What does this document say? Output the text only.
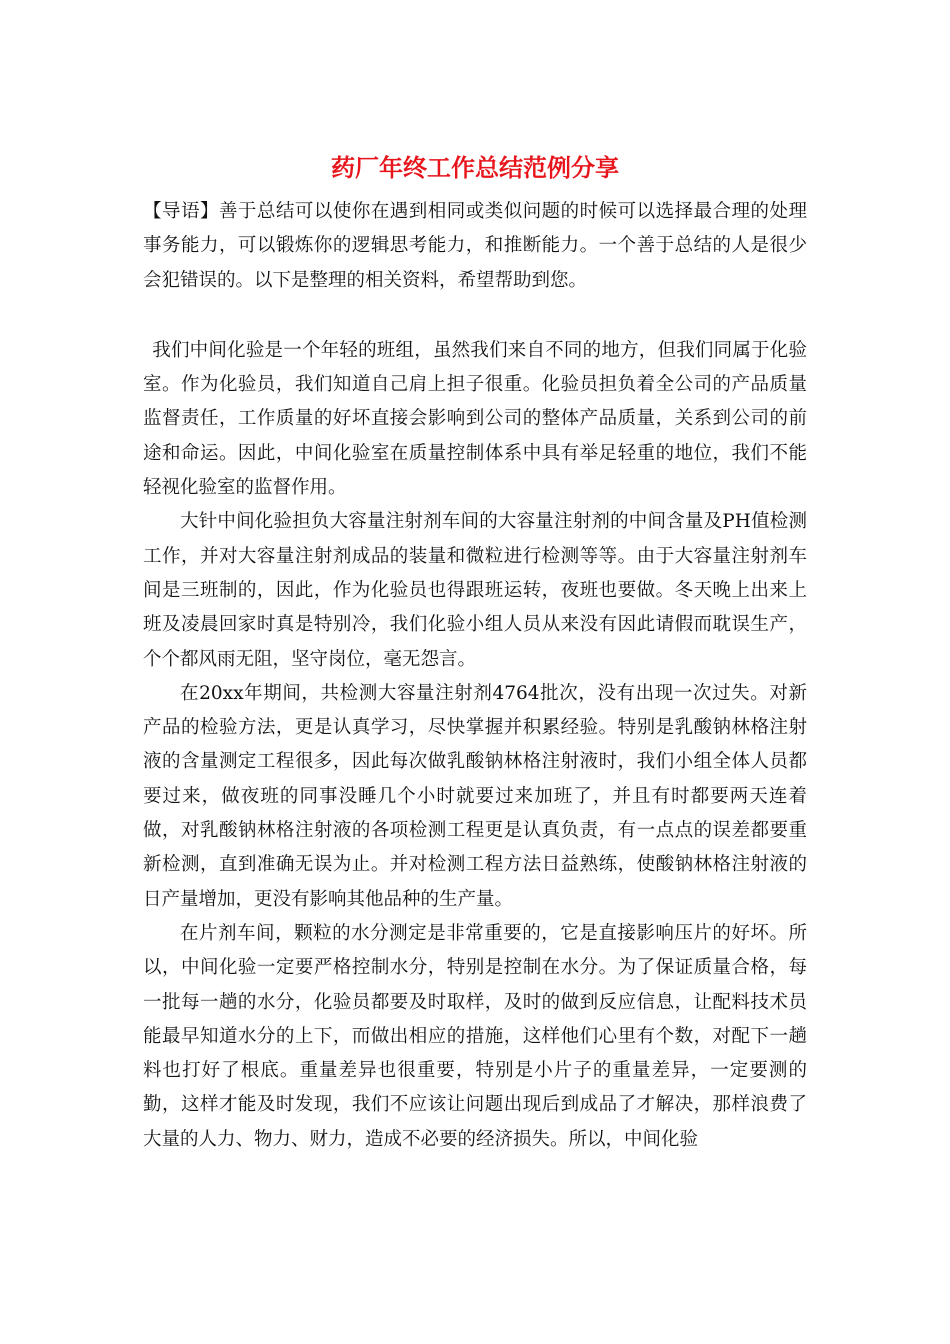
药厂年终工作总结范例分享

【导语】善于总结可以使你在遇到相同或类似问题的时候可以选择最合理的处理事务能力，可以锻炼你的逻辑思考能力，和推断能力。一个善于总结的人是很少会犯错误的。以下是整理的相关资料，希望帮助到您。

我们中间化验是一个年轻的班组，虽然我们来自不同的地方，但我们同属于化验室。作为化验员，我们知道自己肩上担子很重。化验员担负着全公司的产品质量监督责任，工作质量的好坏直接会影响到公司的整体产品质量，关系到公司的前途和命运。因此，中间化验室在质量控制体系中具有举足轻重的地位，我们不能轻视化验室的监督作用。

大针中间化验担负大容量注射剂车间的大容量注射剂的中间含量及PH值检测工作，并对大容量注射剂成品的装量和微粒进行检测等等。由于大容量注射剂车间是三班制的，因此，作为化验员也得跟班运转，夜班也要做。冬天晚上出来上班及凌晨回家时真是特别冷，我们化验小组人员从来没有因此请假而耽误生产，个个都风雨无阻，坚守岗位，毫无怨言。

在20xx年期间，共检测大容量注射剂4764批次，没有出现一次过失。对新产品的检验方法，更是认真学习，尽快掌握并积累经验。特别是乳酸钠林格注射液的含量测定工程很多，因此每次做乳酸钠林格注射液时，我们小组全体人员都要过来，做夜班的同事没睡几个小时就要过来加班了，并且有时都要两天连着做，对乳酸钠林格注射液的各项检测工程更是认真负责，有一点点的误差都要重新检测，直到准确无误为止。并对检测工程方法日益熟练，使酸钠林格注射液的日产量增加，更没有影响其他品种的生产量。

在片剂车间，颗粒的水分测定是非常重要的，它是直接影响压片的好坏。所以，中间化验一定要严格控制水分，特别是控制在水分。为了保证质量合格，每一批每一趟的水分，化验员都要及时取样，及时的做到反应信息，让配料技术员能最早知道水分的上下，而做出相应的措施，这样他们心里有个数，对配下一趟料也打好了根底。重量差异也很重要，特别是小片子的重量差异，一定要测的勤，这样才能及时发现，我们不应该让问题出现后到成品了才解决，那样浪费了大量的人力、物力、财力，造成不必要的经济损失。所以，中间化验
